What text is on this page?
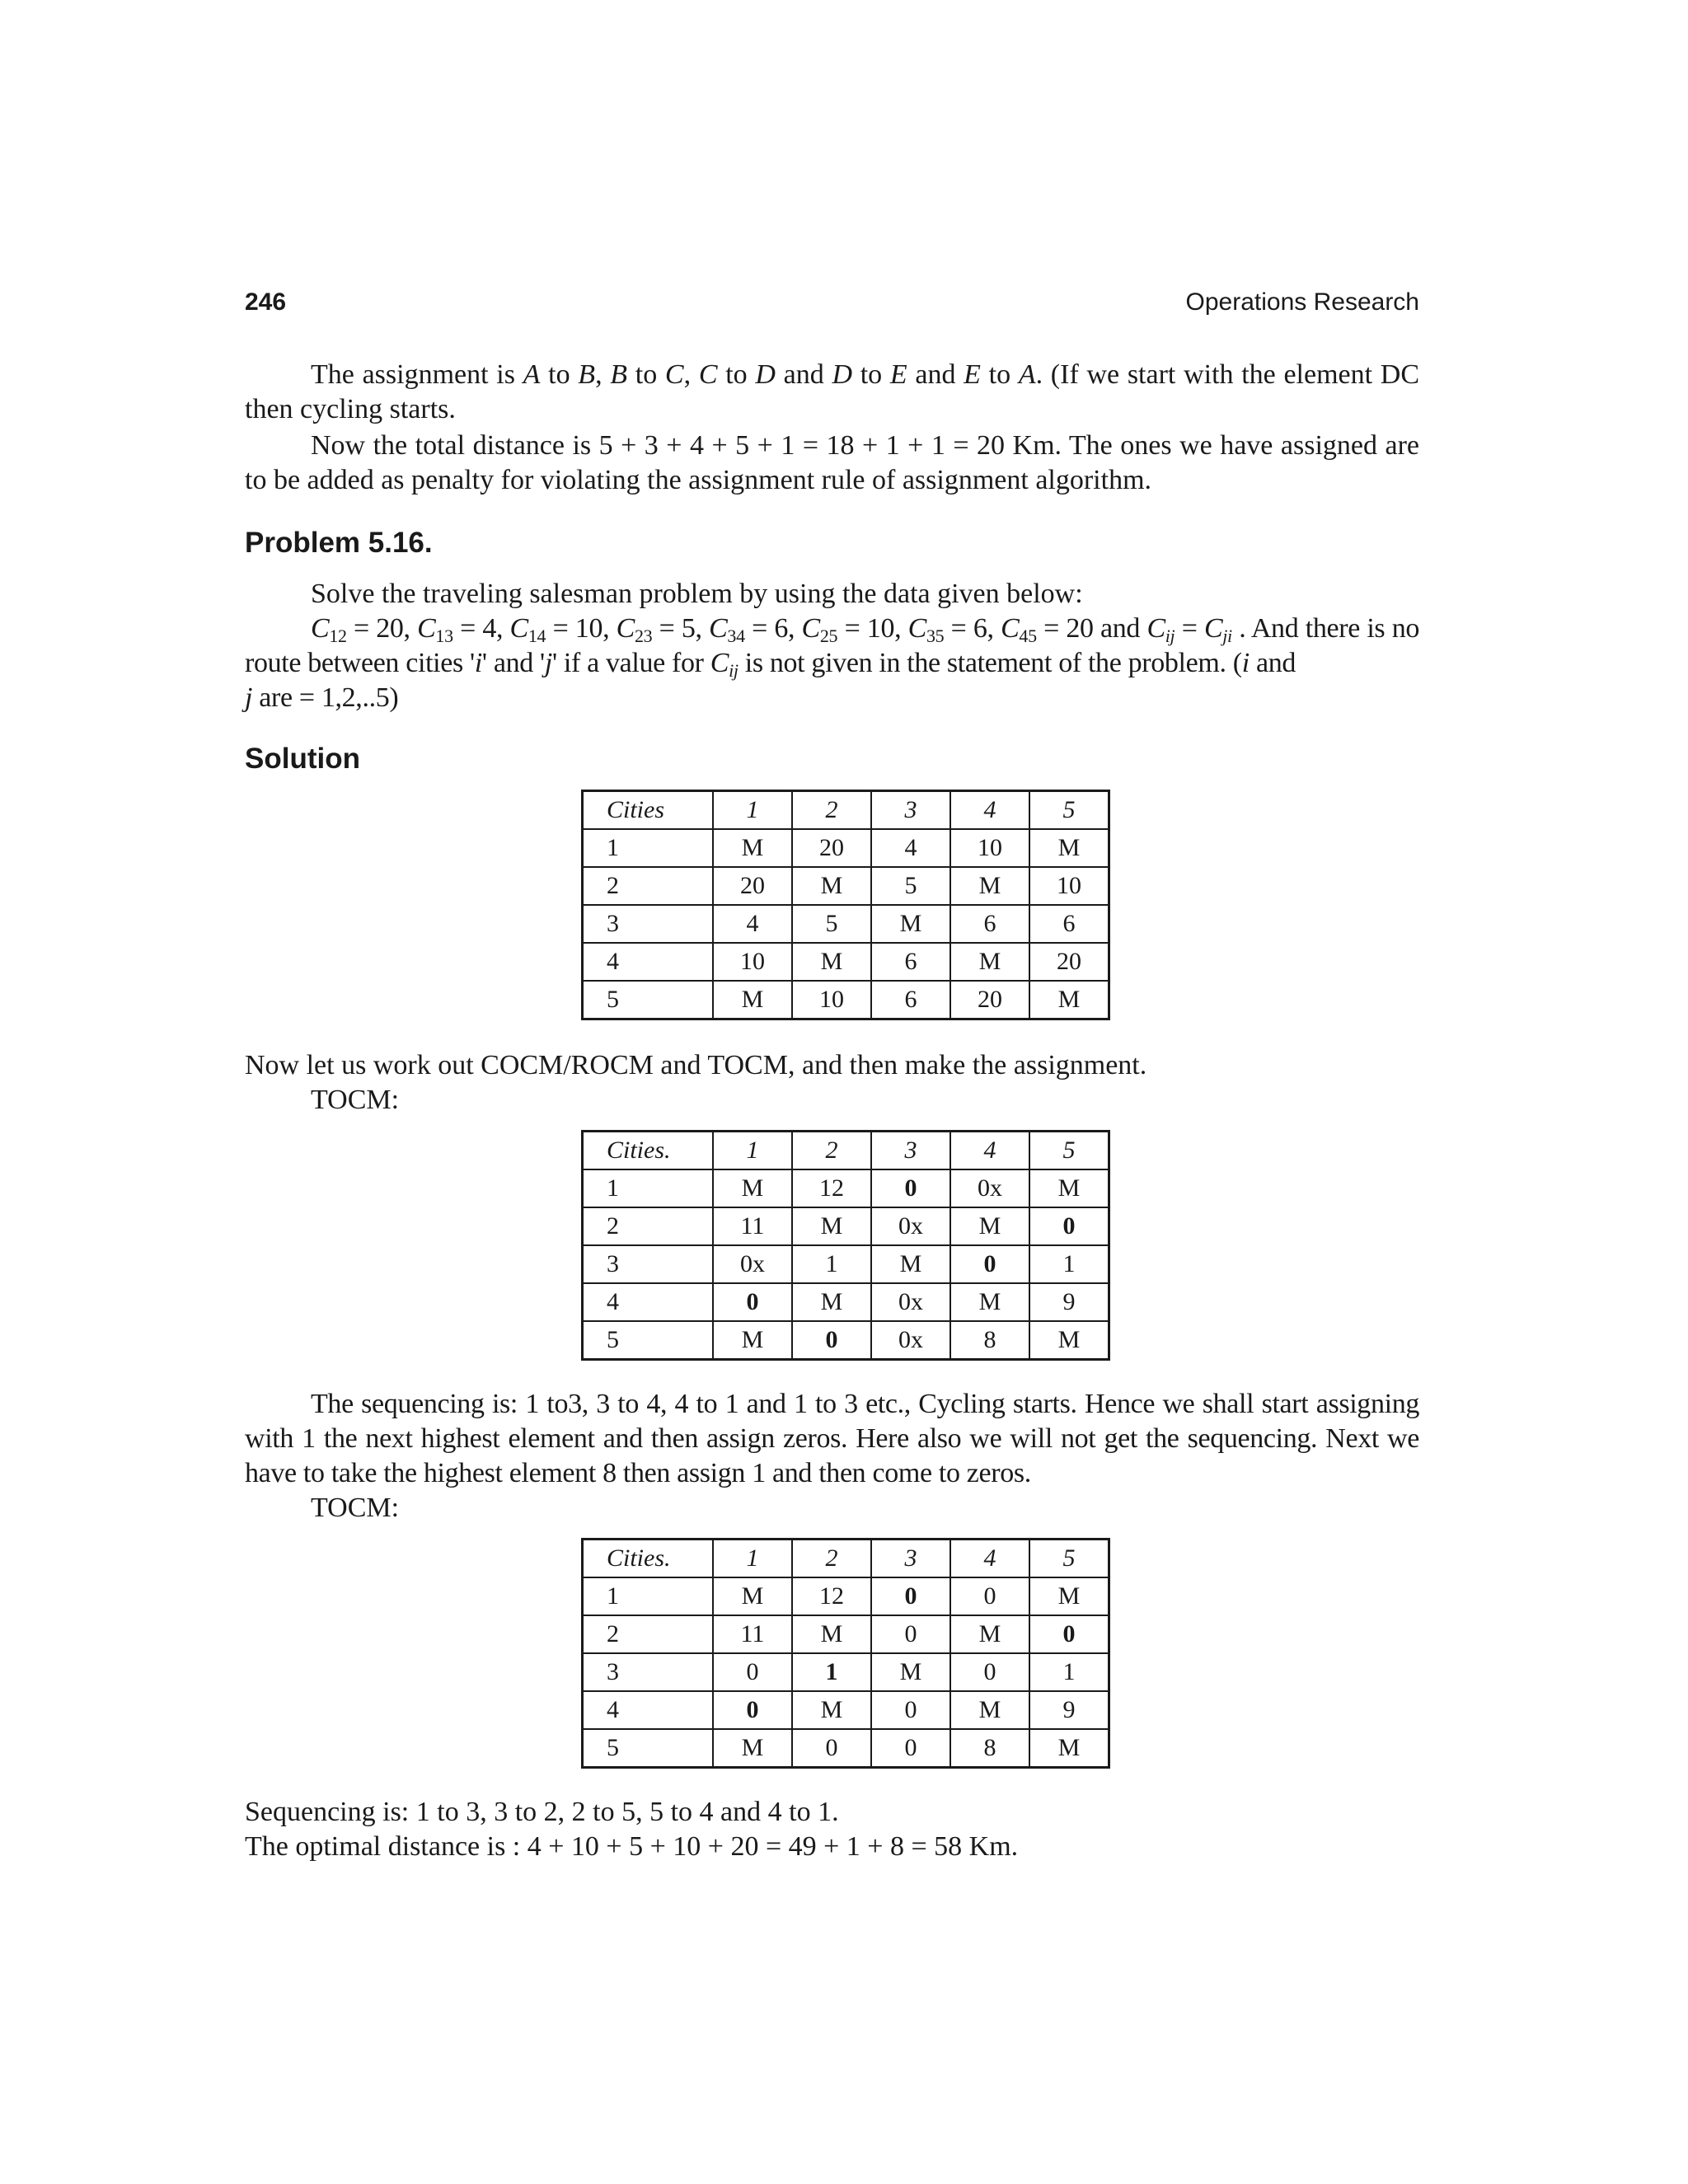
246	Operations Research

The assignment is A to B, B to C, C to D and D to E and E to A. (If we start with the element DC then cycling starts.

Now the total distance is 5 + 3 + 4 + 5 + 1 = 18 + 1 + 1 = 20 Km. The ones we have assigned are to be added as penalty for violating the assignment rule of assignment algorithm.

Problem 5.16.

Solve the traveling salesman problem by using the data given below:

$C_{12} = 20$, $C_{13} = 4$, $C_{14} = 10$, $C_{23} = 5$, $C_{34} = 6$, $C_{25} = 10$, $C_{35} = 6$, $C_{45} = 20$ and $C_{ij} = C_{ji}$ . And there is no route between cities 'i' and 'j' if a value for $C_{ij}$ is not given in the statement of the problem. (i and
j are = 1,2,..5)

Solution
Cities	1	2	3	4	5
1	M	20	4	10	M
2	20	M	5	M	10
3	4	5	M	6	6
4	10	M	6	M	20
5	M	10	6	20	M

Now let us work out COCM/ROCM and TOCM, and then make the assignment.

TOCM:

Cities.	1	2	3	4	5
1	M	12	0	0x	M
2	11	M	0x	M	0
3	0x	1	M	0	1
4	0	M	0x	M	9
5	M	0	0x	8	M

The sequencing is: 1 to3, 3 to 4, 4 to 1 and 1 to 3 etc., Cycling starts. Hence we shall start assigning with 1 the next highest element and then assign zeros. Here also we will not get the sequencing. Next we have to take the highest element 8 then assign 1 and then come to zeros.

TOCM:

Cities.	1	2	3	4	5
1	M	12	0	0	M
2	11	M	0	M	0
3	0	1	M	0	1
4	0	M	0	M	9
5	M	0	0	8	M

Sequencing is: 1 to 3, 3 to 2, 2 to 5, 5 to 4 and 4 to 1.

The optimal distance is : 4 + 10 + 5 + 10 + 20 = 49 + 1 + 8 = 58 Km.
